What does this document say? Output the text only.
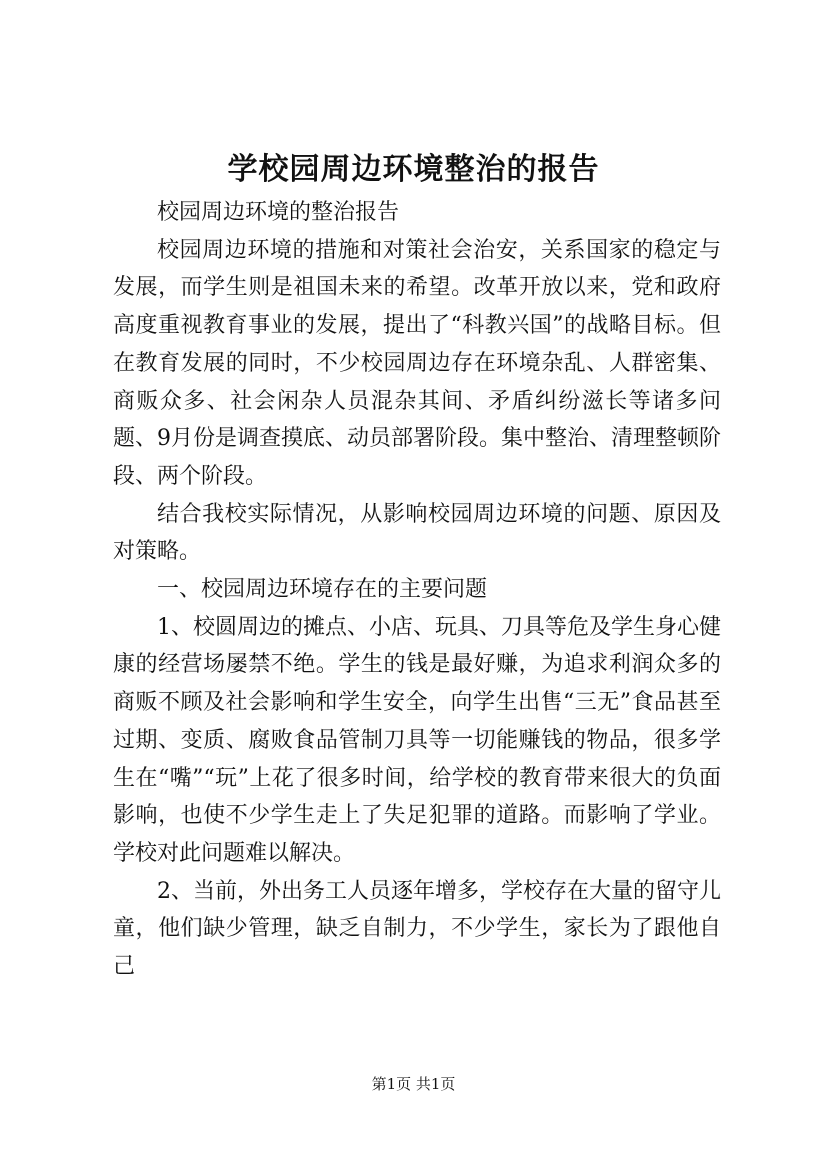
学校园周边环境整治的报告

校园周边环境的整治报告

校园周边环境的措施和对策社会治安，关系国家的稳定与发展，而学生则是祖国未来的希望。改革开放以来，党和政府高度重视教育事业的发展，提出了“科教兴国”的战略目标。但在教育发展的同时，不少校园周边存在环境杂乱、人群密集、商贩众多、社会闲杂人员混杂其间、矛盾纠纷滋长等诸多问题、9月份是调查摸底、动员部署阶段。集中整治、清理整顿阶段、两个阶段。

结合我校实际情况，从影响校园周边环境的问题、原因及对策略。

一、校园周边环境存在的主要问题

1、校圆周边的摊点、小店、玩具、刀具等危及学生身心健康的经营场屡禁不绝。学生的钱是最好赚，为追求利润众多的商贩不顾及社会影响和学生安全，向学生出售“三无”食品甚至过期、变质、腐败食品管制刀具等一切能赚钱的物品，很多学生在“嘴”“玩”上花了很多时间，给学校的教育带来很大的负面影响，也使不少学生走上了失足犯罪的道路。而影响了学业。学校对此问题难以解决。

2、当前，外出务工人员逐年增多，学校存在大量的留守儿童，他们缺少管理，缺乏自制力，不少学生，家长为了跟他自己

第1页 共1页
